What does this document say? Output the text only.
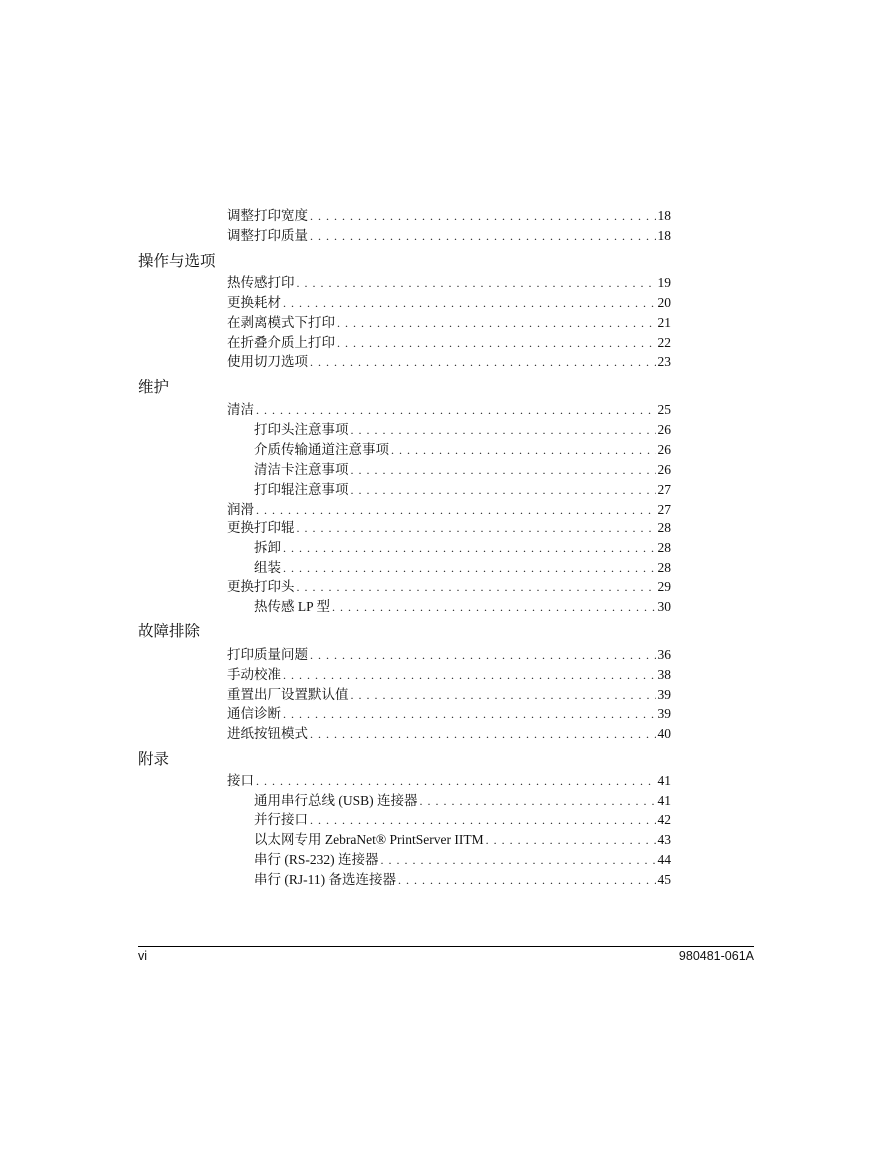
调整打印宽度 . . .	18
调整打印质量 . . .	18
操作与选项
热传感打印 . . .	19
更换耗材 . . .	20
在剥离模式下打印 . . .	21
在折叠介质上打印 . . .	22
使用切刀选项 . . .	23
维护
清洁 . . .	25
打印头注意事项 . . .	26
介质传输通道注意事项 . . .	26
清洁卡注意事项 . . .	26
打印辊注意事项 . . .	27
润滑 . . .	27
更换打印辊 . . .	28
拆卸 . . .	28
组装 . . .	28
更换打印头 . . .	29
热传感 LP 型 . . .	30
故障排除
打印质量问题 . . .	36
手动校准 . . .	38
重置出厂设置默认值 . . .	39
通信诊断 . . .	39
进纸按钮模式 . . .	40
附录
接口 . . .	41
通用串行总线 (USB) 连接器 . . .	41
并行接口 . . .	42
以太网专用 ZebraNet® PrintServer IITM . . .	43
串行 (RS-232) 连接器 . . .	44
串行 (RJ-11) 备选连接器 . . .	45
vi	980481-061A
